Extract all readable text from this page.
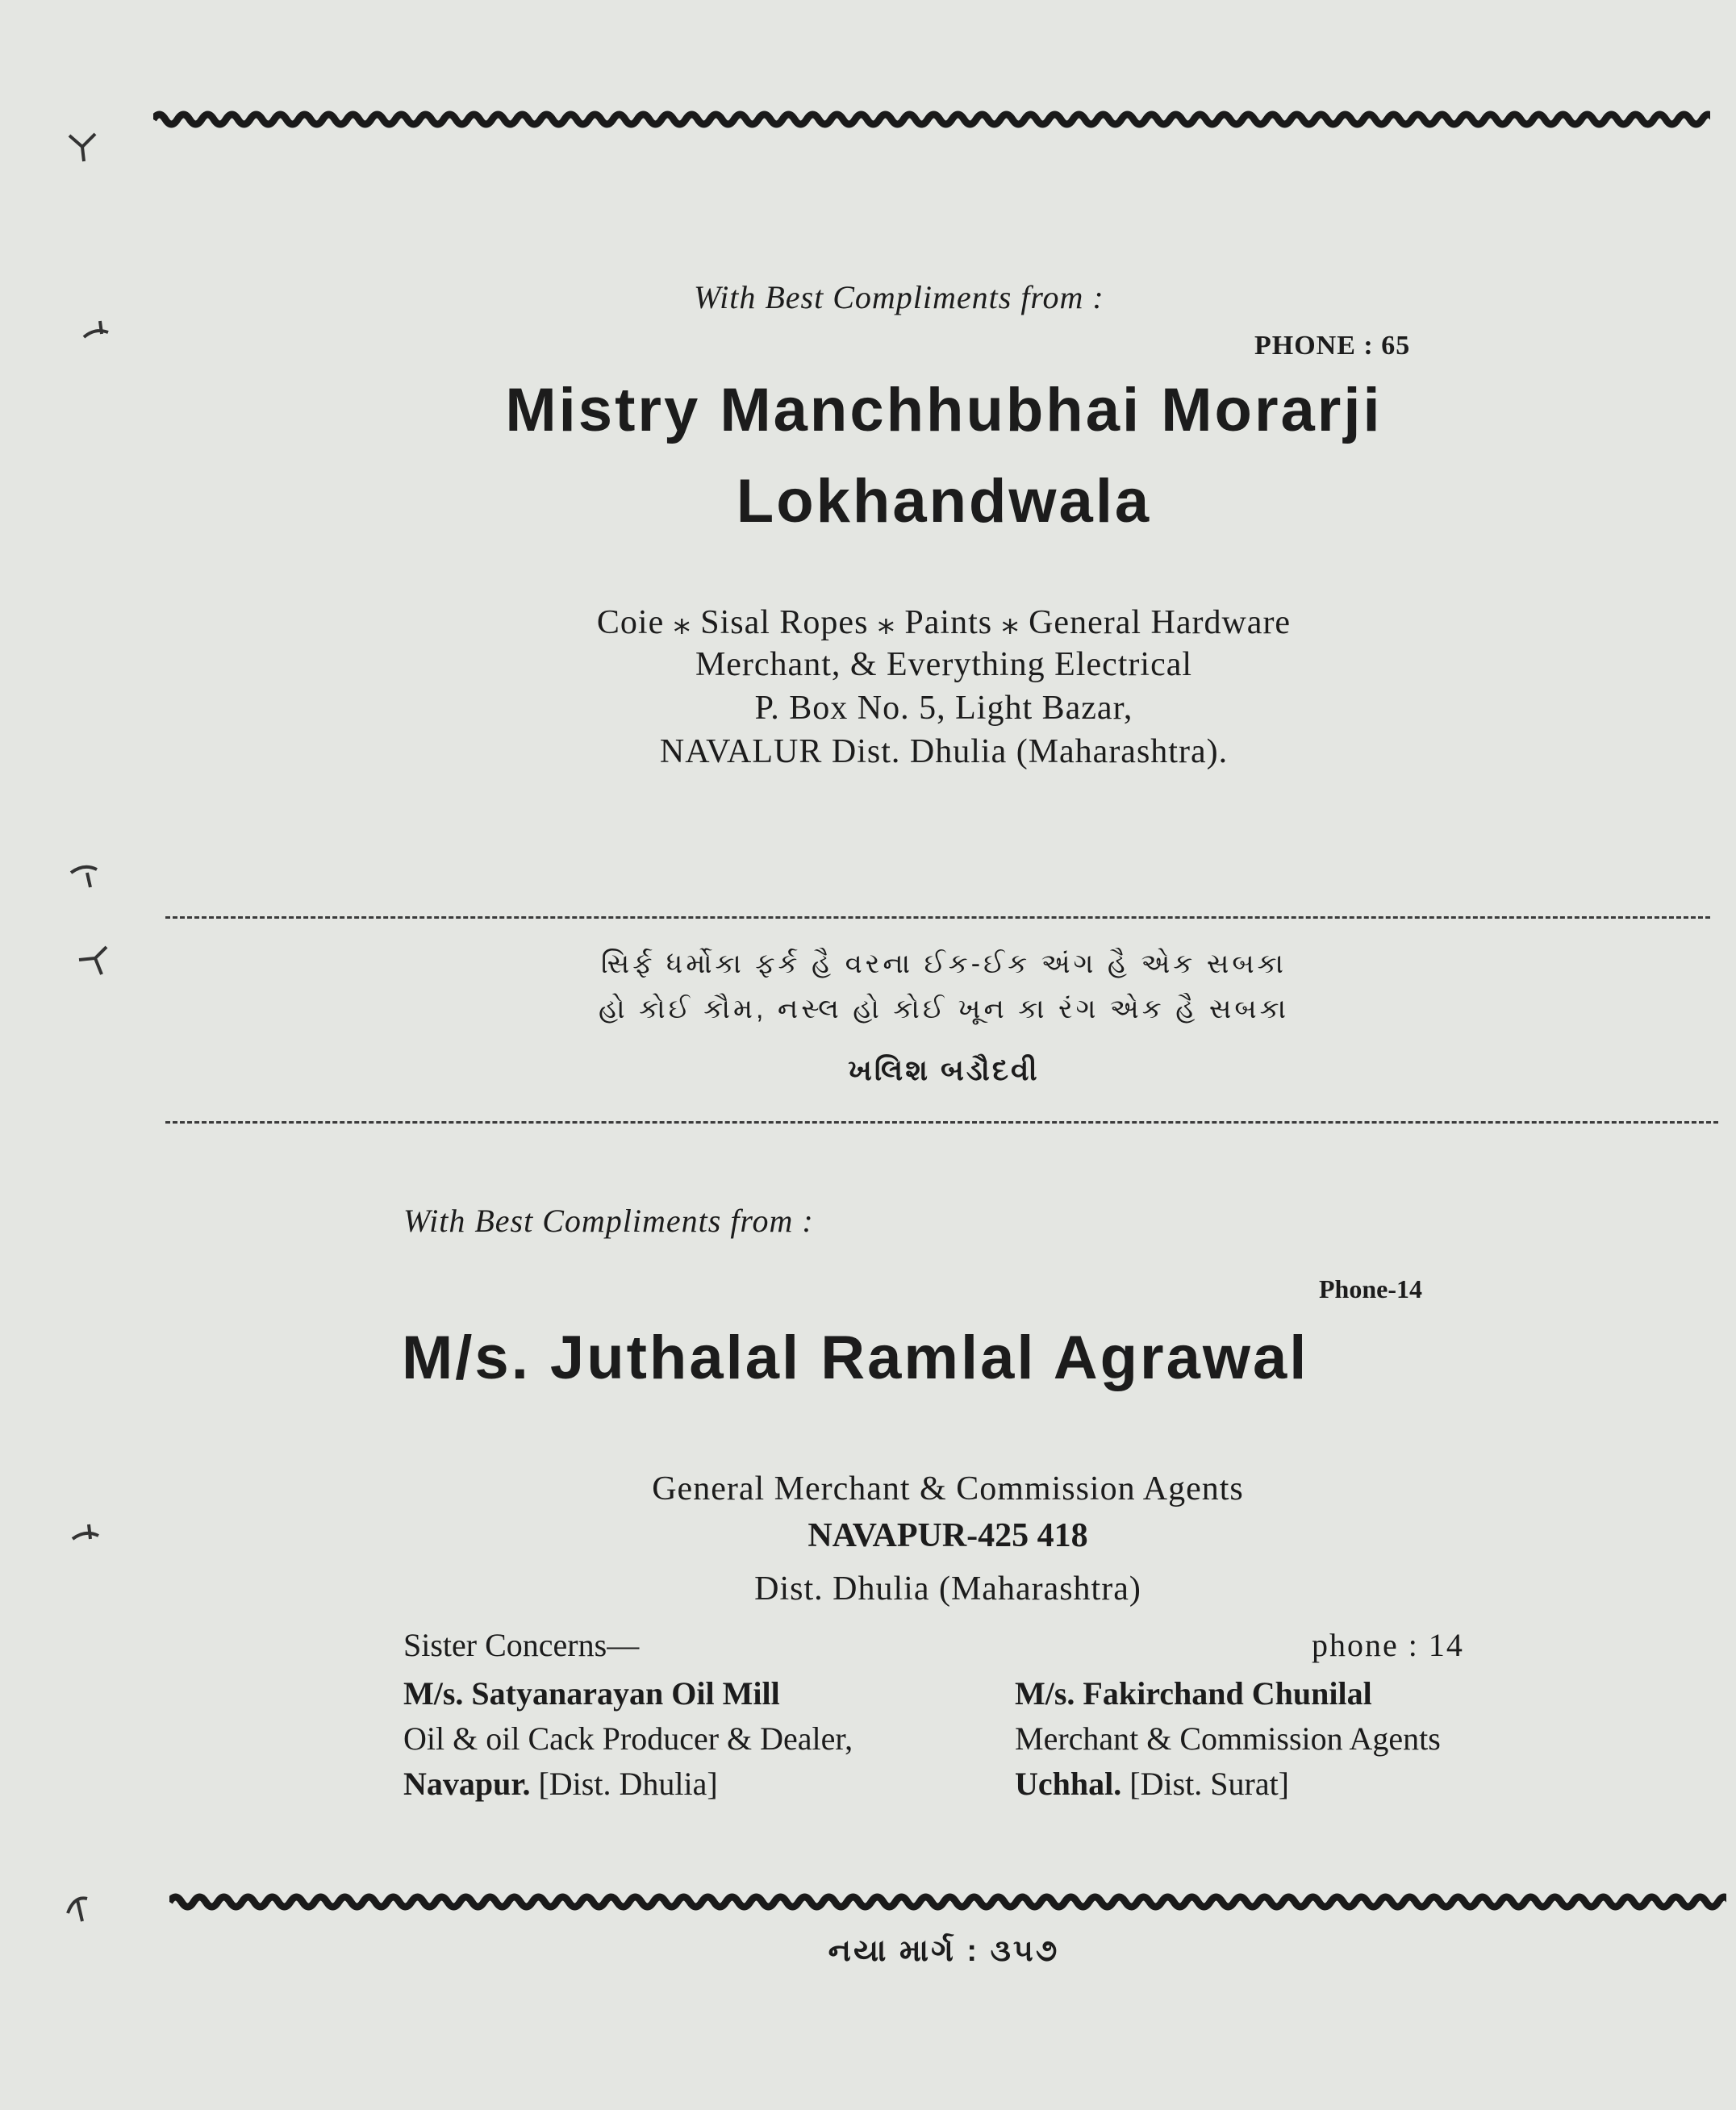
With Best Compliments from :
PHONE : 65
Mistry Manchhubhai Morarji
Lokhandwala
Coie ⁎ Sisal Ropes ⁎ Paints ⁎ General Hardware
Merchant, & Everything Electrical
P. Box No. 5, Light Bazar,
NAVALUR Dist. Dhulia (Maharashtra).
સિર્ફ ધર્મોકા ફર્ક હૈ વરના ઈક-ઈક અંગ હૈ એક સબકા
હો કોઈ કૌમ, નસ્લ હો કોઈ ખૂન કા રંગ એક હૈ સબકા
ખલિશ બડૌદવી
With Best Compliments from :
Phone-14
M/s. Juthalal Ramlal Agrawal
General Merchant & Commission Agents
NAVAPUR-425 418
Dist. Dhulia (Maharashtra)
Sister Concerns—	phone : 14
M/s. Satyanarayan Oil Mill
Oil & oil Cack Producer & Dealer,
Navapur. [Dist. Dhulia]
M/s. Fakirchand Chunilal
Merchant & Commission Agents
Uchhal. [Dist. Surat]
નયા માર્ગ : ૩૫૭
